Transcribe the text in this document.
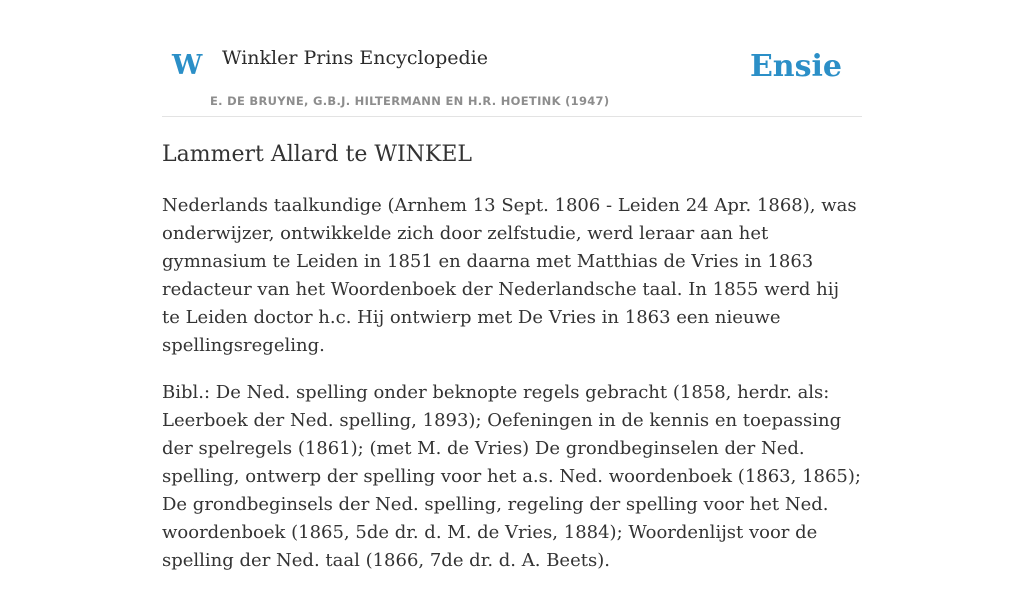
W Winkler Prins Encyclopedie
E. DE BRUYNE, G.B.J. HILTERMANN EN H.R. HOETINK (1947)
Ensie
Lammert Allard te WINKEL

Nederlands taalkundige (Arnhem 13 Sept. 1806 - Leiden 24 Apr. 1868), was onderwijzer, ontwikkelde zich door zelfstudie, werd leraar aan het gymnasium te Leiden in 1851 en daarna met Matthias de Vries in 1863 redacteur van het Woordenboek der Nederlandsche taal. In 1855 werd hij te Leiden doctor h.c. Hij ontwierp met De Vries in 1863 een nieuwe spellingsregeling.

Bibl.: De Ned. spelling onder beknopte regels gebracht (1858, herdr. als: Leerboek der Ned. spelling, 1893); Oefeningen in de kennis en toepassing der spelregels (1861); (met M. de Vries) De grondbeginselen der Ned. spelling, ontwerp der spelling voor het a.s. Ned. woordenboek (1863, 1865); De grondbeginsels der Ned. spelling, regeling der spelling voor het Ned. woordenboek (1865, 5de dr. d. M. de Vries, 1884); Woordenlijst voor de spelling der Ned. taal (1866, 7de dr. d. A. Beets).
